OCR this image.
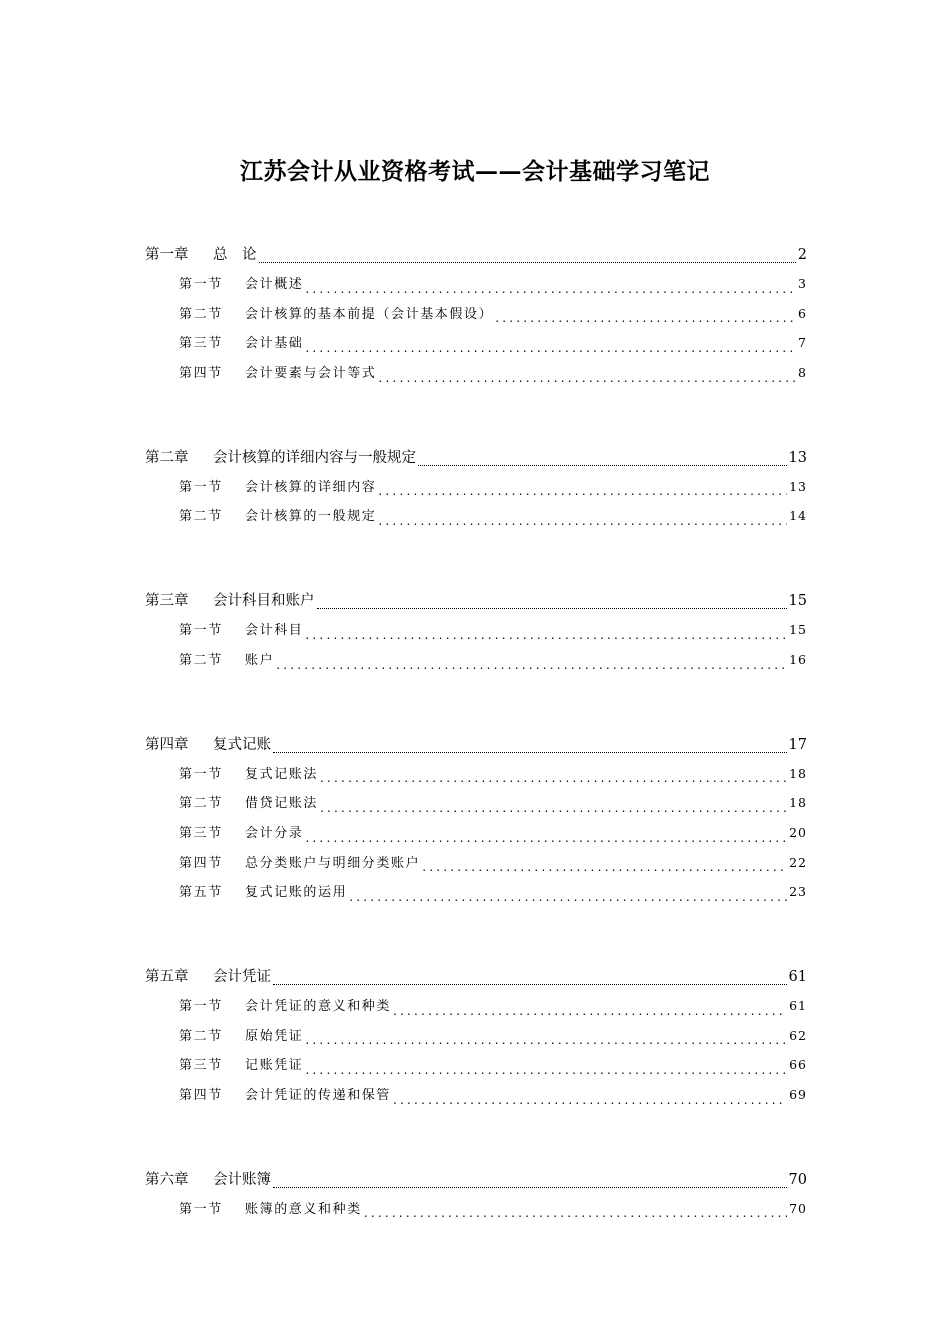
江苏会计从业资格考试——会计基础学习笔记
第一章	总　论	2
第一节	会计概述 .....	3
第二节	会计核算的基本前提（会计基本假设） .....	6
第三节	会计基础 .....	7
第四节	会计要素与会计等式 .....	8
第二章	会计核算的详细内容与一般规定	13
第一节	会计核算的详细内容 .....	13
第二节	会计核算的一般规定 .....	14
第三章	会计科目和账户	15
第一节	会计科目 .....	15
第二节	账户 .....	16
第四章	复式记账	17
第一节	复式记账法 .....	18
第二节	借贷记账法 .....	18
第三节	会计分录 .....	20
第四节	总分类账户与明细分类账户 .....	22
第五节	复式记账的运用 .....	23
第五章	会计凭证	61
第一节	会计凭证的意义和种类 .....	61
第二节	原始凭证 .....	62
第三节	记账凭证 .....	66
第四节	会计凭证的传递和保管 .....	69
第六章	会计账簿	70
第一节	账簿的意义和种类 .....	70
